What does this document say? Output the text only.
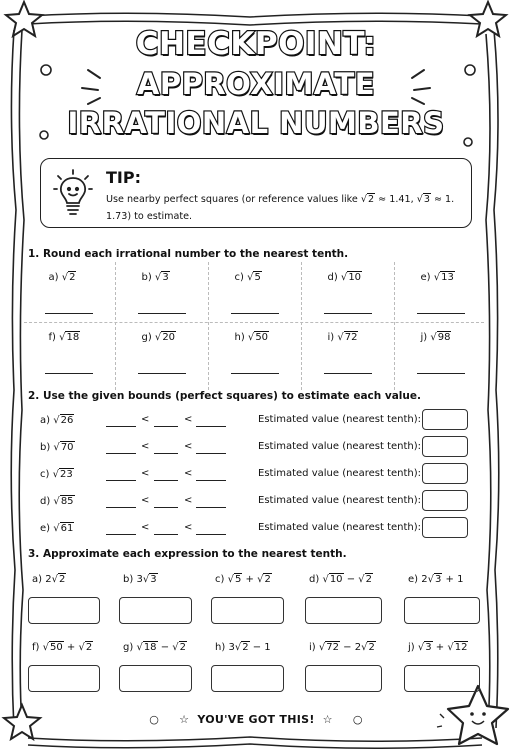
CHECKPOINT:
APPROXIMATE
IRRATIONAL NUMBERS
TIP:
Use nearby perfect squares (or reference values like √2 ≈ 1.41, √3 ≈ 1.
1.73) to estimate.
1. Round each irrational number to the nearest tenth.
a) √2	b) √3	c) √5	d) √10	e) √13
f) √18	g) √20	h) √50	i) √72	j) √98
2. Use the given bounds (perfect squares) to estimate each value.
a) √26	<	<	Estimated value (nearest tenth):
b) √70	<	<	Estimated value (nearest tenth):
c) √23	<	<	Estimated value (nearest tenth):
d) √85	<	<	Estimated value (nearest tenth):
e) √61	<	<	Estimated value (nearest tenth):
3. Approximate each expression to the nearest tenth.
a) 2√2	b) 3√3	c) √5 + √2	d) √10 − √2	e) 2√3 + 1
f) √50 + √2	g) √18 − √2	h) 3√2 − 1	i) √72 − 2√2	j) √3 + √12
○ ☆ YOU'VE GOT THIS! ☆ ○
